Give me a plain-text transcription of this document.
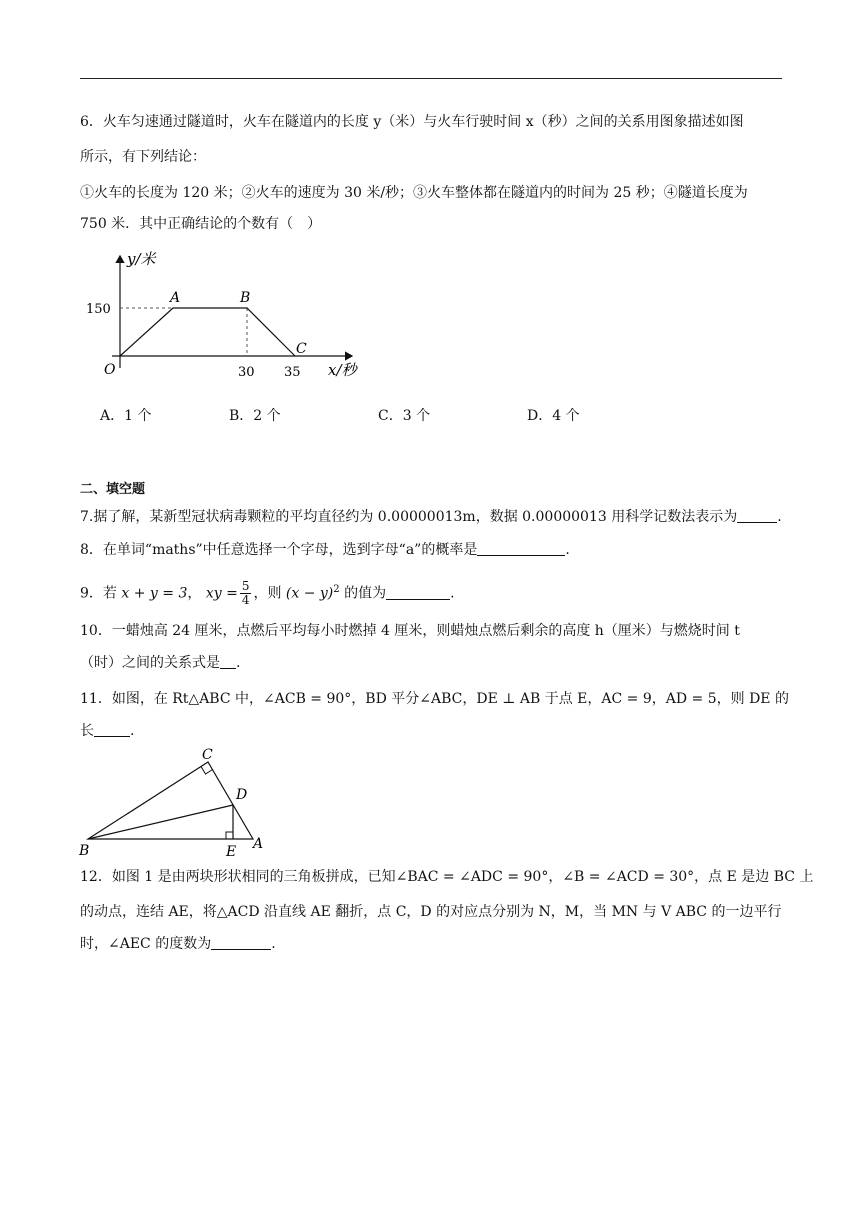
6．火车匀速通过隧道时，火车在隧道内的长度 y（米）与火车行驶时间 x（秒）之间的关系用图象描述如图
所示，有下列结论：
①火车的长度为 120 米；②火车的速度为 30 米/秒；③火车整体都在隧道内的时间为 25 秒；④隧道长度为
750 米．其中正确结论的个数有（　）
y/米
150
O	30 35 x/秒
A	B
C
A．1 个	B．2 个	C．3 个	D．4 个
二、填空题
7.据了解，某新型冠状病毒颗粒的平均直径约为 0.00000013m，数据 0.00000013 用科学记数法表示为	.
8．在单词“maths”中任意选择一个字母，选到字母“a”的概率是	.
9．若 x + y = 3， xy = $\frac{5}{4}$ ，则 $(x - y)^2$ 的值为	.
10．一蜡烛高 24 厘米，点燃后平均每小时燃掉 4 厘米，则蜡烛点燃后剩余的高度 h（厘米）与燃烧时间 t
（时）之间的关系式是 .
11．如图，在 Rt△ABC 中，∠ACB = 90°，BD 平分∠ABC，DE ⊥ AB 于点 E，AC = 9，AD = 5，则 DE 的
长	.
C
D
B	E A
12．如图 1 是由两块形状相同的三角板拼成，已知∠BAC = ∠ADC = 90°，∠B = ∠ACD = 30°，点 E 是边 BC 上
的动点，连结 AE，将△ACD 沿直线 AE 翻折，点 C，D 的对应点分别为 N，M，当 MN 与 V ABC 的一边平行
时，∠AEC 的度数为	.
